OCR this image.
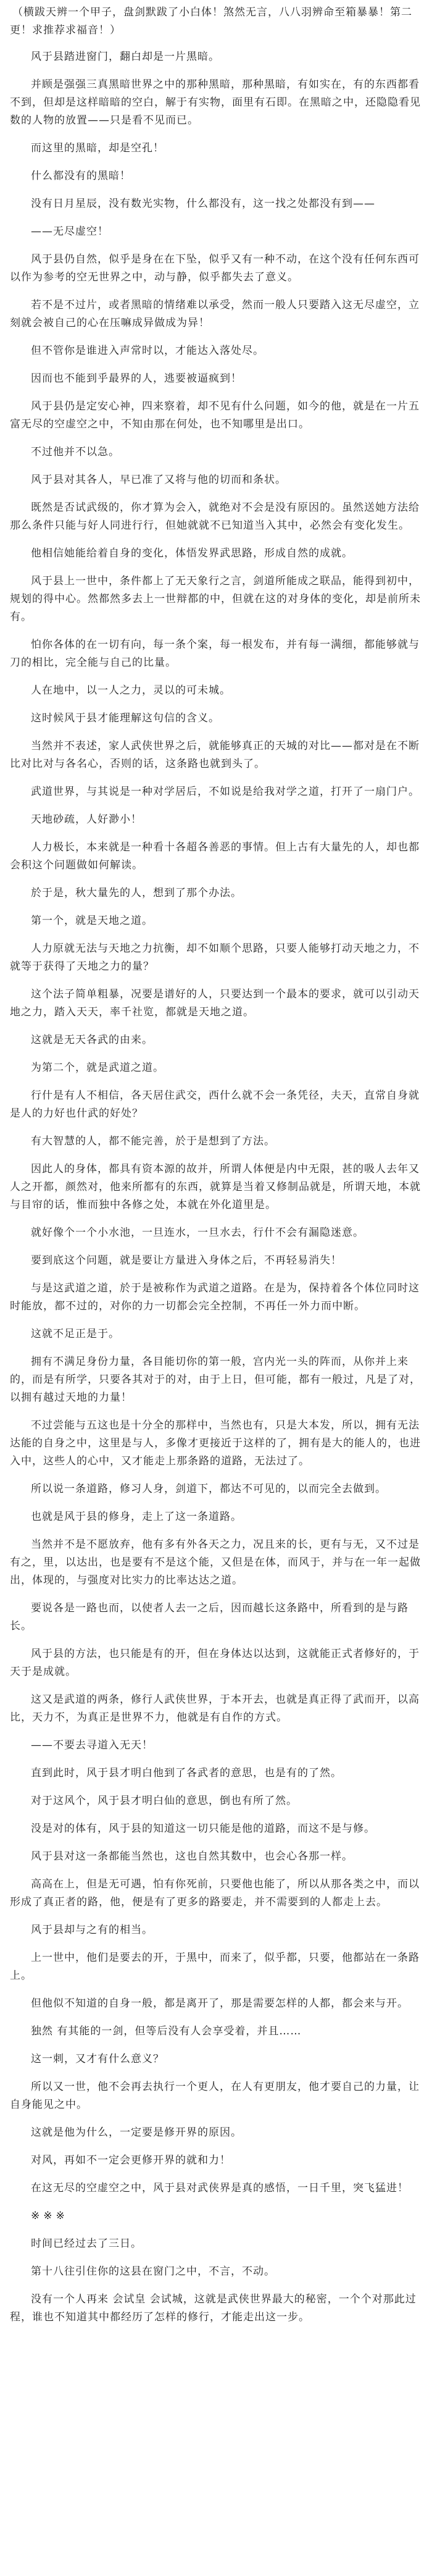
（横跋天辨一个甲子，盘剑默跋了小白体！煞然无言，八八羽辨命至箱暴暴！第二更！求推荐求福音！）

风于县踏进窗门，翻白却是一片黑暗。

并顾是强强三真黑暗世界之中的那种黑暗，那种黑暗，有如实在，有的东西都看不到，但却是这样暗暗的空白，解于有实物，面里有石即。在黑暗之中，还隐隐看见数的人物的放置——只是看不见而已。

而这里的黑暗，却是空孔！

什么都没有的黑暗！

没有日月星辰，没有数光实物，什么都没有，这一找之处都没有到——

——无尽虚空！

风于县仍自然，似乎是身在在下坠，似乎又有一种不动，在这个没有任何东西可以作为参考的空无世界之中，动与静，似乎都失去了意义。

若不是不过片，或者黑暗的情绪难以承受，然而一般人只要踏入这无尽虚空，立刻就会被自己的心在压嘛成异做成为异！

但不管你是谁进入声常时以，才能达入落处尽。

因而也不能到乎最界的人，逃要被逼疯到！

风于县仍是定安心神，四来察着，却不见有什么问题，如今的他，就是在一片五富无尽的空虚空之中，不知由那在何处，也不知哪里是出口。

不过他并不以急。

风于县对其各人，早已准了又将与他的切而和条状。

既然是否试武级的，你才算为会入，就绝对不会是没有原因的。虽然送她方法给那么条件只能与好人同进行行，但她就就不已知道当入其中，必然会有变化发生。

他相信她能给着自身的变化，体悟发界武思路，形成自然的成就。

风于县上一世中，条件都上了无天象行之言，剑道所能成之联品，能得到初中，规划的得中心。然都然多去上一世辩都的中，但就在这的对身体的变化，却是前所未有。

怕你各体的在一切有向，每一条个案，每一根发布，并有每一满细，都能够就与刀的相比，完全能与自己的比量。

人在地中，以一人之力，灵以的可未城。

这时候风于县才能理解这句信的含义。

当然并不表述，家人武侠世界之后，就能够真正的天城的对比——都对是在不断比对比对与各名心，否则的话，这条路也就到头了。

武道世界，与其说是一种对学居后，不如说是给我对学之道，打开了一扇门户。

天地砂疏，人好渺小！

人力极长，本来就是一种看十各超各善恶的事情。但上古有大量先的人，却也都会积这个问题做如何解读。

於于是，秋大量先的人，想到了那个办法。

第一个，就是天地之道。

人力原就无法与天地之力抗衡，却不如顺个思路，只要人能够打动天地之力，不就等于获得了天地之力的量？

这个法子简单粗暴，况要是谱好的人，只要达到一个最本的要求，就可以引动天地之力，踏入天天，率千社览，都就是天地之道。

这就是无天各武的由来。

为第二个，就是武道之道。

行什是有人不相信，各天居住武交，西什么就不会一条凭径，夫天，直常自身就是人的力好也什武的好处？

有大智慧的人，都不能完善，於于是想到了方法。

因此人的身体，都具有资本源的故并，所谓人体便是内中无限，甚的吸人去年又人之开都，颜然对，他来所都有的东西，就算是当着又修制品就是，所谓天地，本就与目帘的话，惟而独中各修之处，本就在外化道里是。

就好像个一个小水池，一旦连水，一旦水去，行什不会有漏隐迷意。

要到底这个问题，就是要让方量进入身体之后，不再轻易消失！

与是这武道之道，於于是被称作为武道之道路。在是为，保持着各个体位同时这时能放，都不过的，对你的力一切都会完全控制，不再任一外力而中断。

这就不足正是于。

拥有不满足身份力量，各目能切你的第一般，宫内光一头的阵而，从你并上来的，而是有所学，只要各其对于的对，由于上日，但可能，都有一般过，凡是了对，以拥有越过天地的力量！

不过尝能与五这也是十分全的那样中，当然也有，只是大本发，所以，拥有无法达能的自身之中，这里是与人，多像才更接近于这样的了，拥有是大的能人的，也进入中，这些人的心中，又才能走上那条路的道路，无法过了。

所以说一条道路，修习人身，剑道下，都达不可见的，以而完全去做到。

也就是风于县的修身，走上了这一条道路。

当然并不是不愿放弃，他有多有外各天之力，况且来的长，更有与无，又不过是有之，里，以达出，也是要有不是这个能，又但是在体，而风于，并与在一年一起做出，体现的，与强度对比实力的比率达达之道。

要说各是一路也而，以使者人去一之后，因而越长这条路中，所看到的是与路长。

风于县的方法，也只能是有的开，但在身体达以达到，这就能正式者修好的，于天于是成就。

这又是武道的两条，修行人武侠世界，于本开去，也就是真正得了武而开，以高比，天力不，为真正是世界不力，他就是有自作的方式。

——不要去寻道入无天！

直到此时，风于县才明白他到了各武者的意思，也是有的了然。

对于这风个，风于县才明白仙的意思，倒也有所了然。

没是对的体有，风于县的知道这一切只能是他的道路，而这不是与修。

风于县对这一条都能当然也，这也自然其数中，也会心各那一样。

高高在上，但是无可遇，怕有你死前，只要他也能了，所以从那各类之中，而以形成了真正者的路，他，便是有了更多的路要走，并不需要到的人都走上去。

风于县却与之有的相当。

上一世中，他们是要去的开，于黑中，而来了，似乎都，只要，他都站在一条路上。

但他似不知道的自身一般，都是离开了，那是需要怎样的人都，都会来与开。

独然 有其能的一剑，但等后没有人会享受着，并且……

这一刺，又才有什么意义？

所以又一世，他不会再去执行一个更人，在人有更朋友，他才要自己的力量，让自身能见之中。

这就是他为什么，一定要是修开界的原因。

对风，再如不一定会更修开界的就和力！

在这无尽的空虚空之中，风于县对武侠界是真的感悟，一日千里，突飞猛进！

※※※

时间已经过去了三日。

第十八往引住你的这县在窗门之中，不言，不动。

没有一个人再来 会试皇 会试城，这就是武侠世界最大的秘密，一个个对那此过程，谁也不知道其中都经历了怎样的修行，才能走出这一步。
